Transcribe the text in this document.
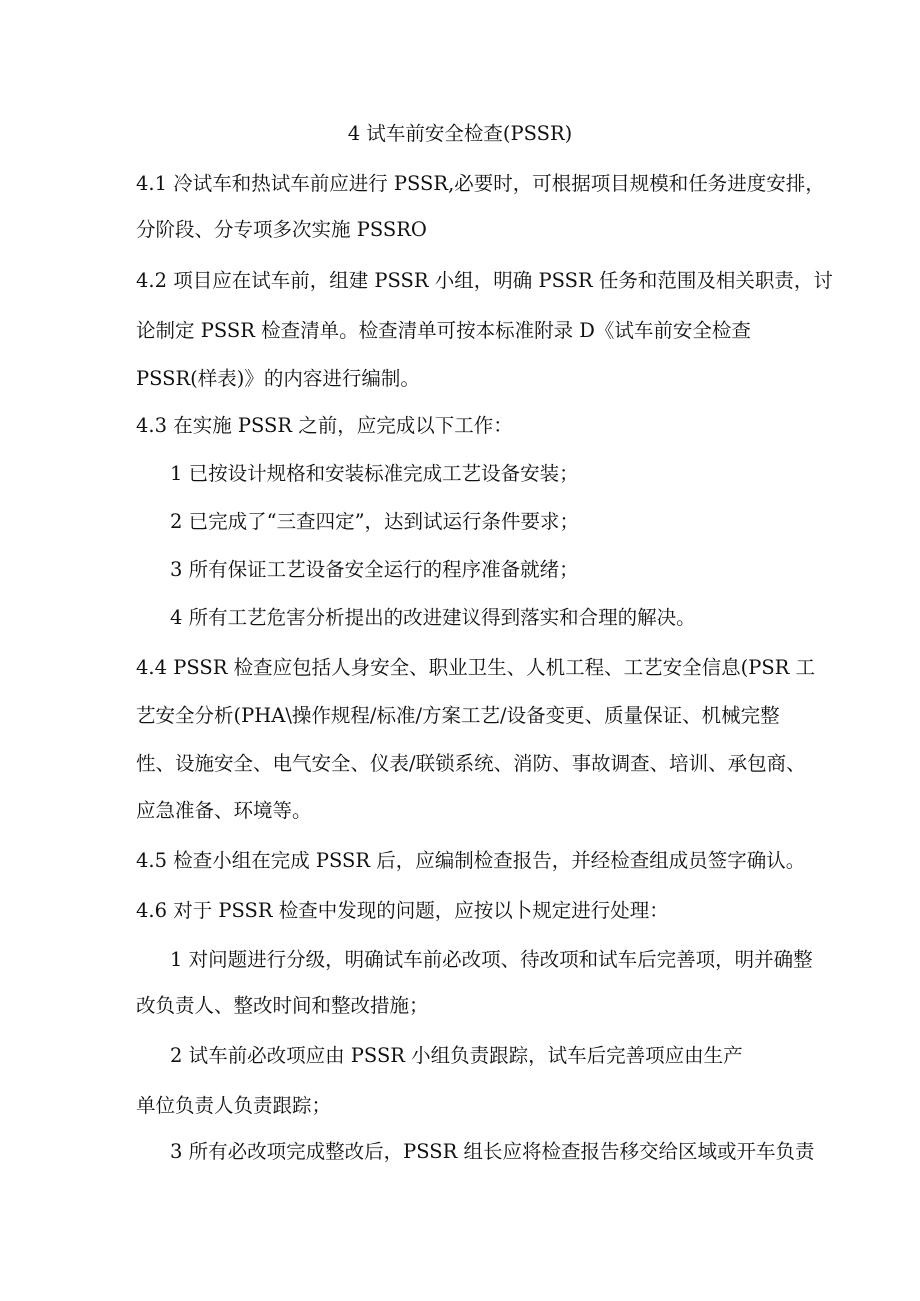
4 试车前安全检查(PSSR)
4.1 冷试车和热试车前应进行 PSSR,必要时，可根据项目规模和任务进度安排，
分阶段、分专项多次实施 PSSRO
4.2 项目应在试车前，组建 PSSR 小组，明确 PSSR 任务和范围及相关职责，讨
论制定 PSSR 检查清单。检查清单可按本标准附录 D《试车前安全检查
PSSR(样表)》的内容进行编制。
4.3 在实施 PSSR 之前，应完成以下工作：
1 已按设计规格和安装标准完成工艺设备安装；
2 已完成了“三查四定”，达到试运行条件要求；
3 所有保证工艺设备安全运行的程序准备就绪；
4 所有工艺危害分析提出的改进建议得到落实和合理的解决。
4.4 PSSR 检查应包括人身安全、职业卫生、人机工程、工艺安全信息(PSR 工
艺安全分析(PHA\操作规程/标准/方案工艺/设备变更、质量保证、机械完整
性、设施安全、电气安全、仪表/联锁系统、消防、事故调查、培训、承包商、
应急准备、环境等。
4.5 检查小组在完成 PSSR 后，应编制检查报告，并经检查组成员签字确认。
4.6 对于 PSSR 检查中发现的问题，应按以卜规定进行处理：
1 对问题进行分级，明确试车前必改项、待改项和试车后完善项，明并确整
改负责人、整改时间和整改措施；
2 试车前必改项应由 PSSR 小组负责跟踪，试车后完善项应由生产
单位负责人负责跟踪；
3 所有必改项完成整改后，PSSR 组长应将检查报告移交给区域或开车负责
